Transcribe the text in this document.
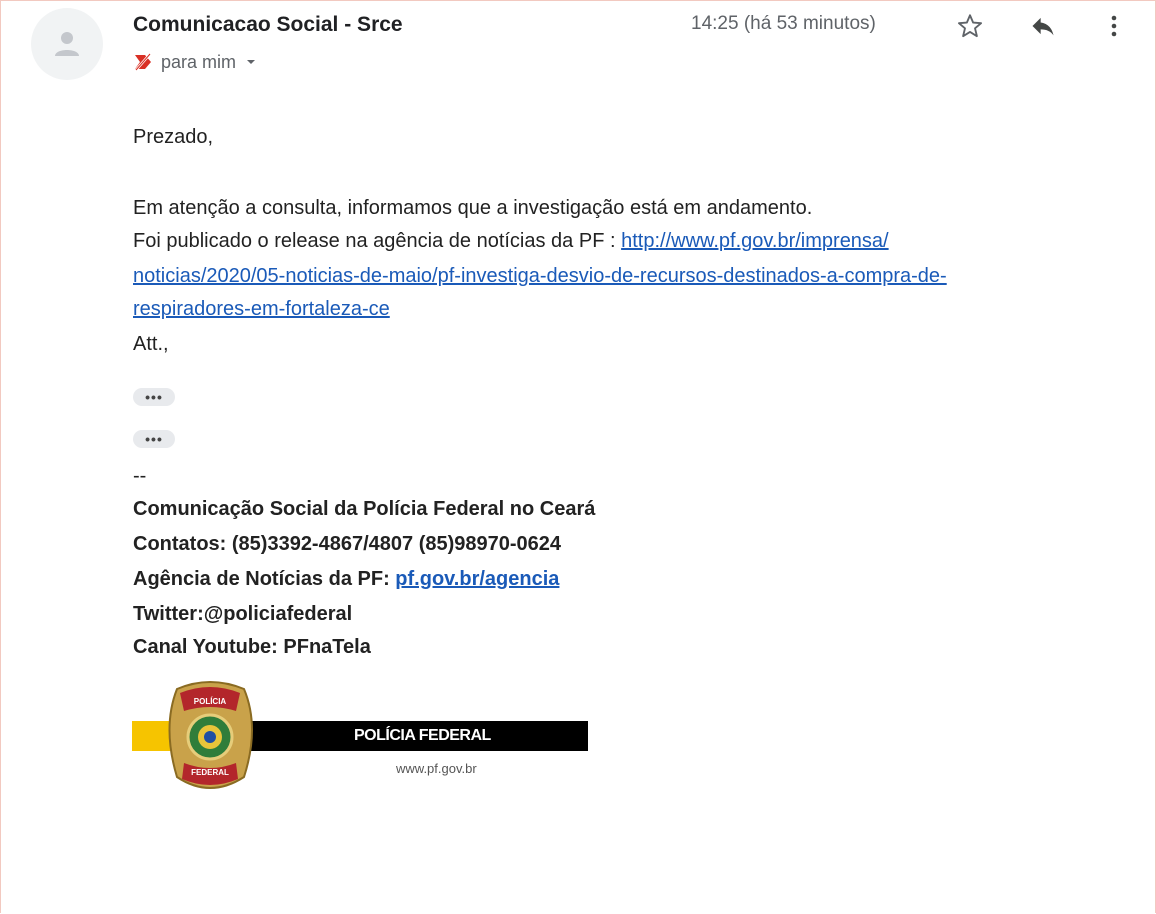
Comunicacao Social - Srce
para mim
14:25 (há 53 minutos)
Prezado,
Em atenção a consulta, informamos que a investigação está em andamento.
Foi publicado o release na agência de notícias da PF : http://www.pf.gov.br/imprensa/
noticias/2020/05-noticias-de-maio/pf-investiga-desvio-de-recursos-destinados-a-compra-de-
respiradores-em-fortaleza-ce
Att.,
•••
•••
--
Comunicação Social da Polícia Federal no Ceará
Contatos: (85)3392-4867/4807 (85)98970-0624
Agência de Notícias da PF: pf.gov.br/agencia
Twitter:@policiafederal
Canal Youtube: PFnaTela
POLÍCIA
FEDERAL
POLÍCIA FEDERAL
www.pf.gov.br
